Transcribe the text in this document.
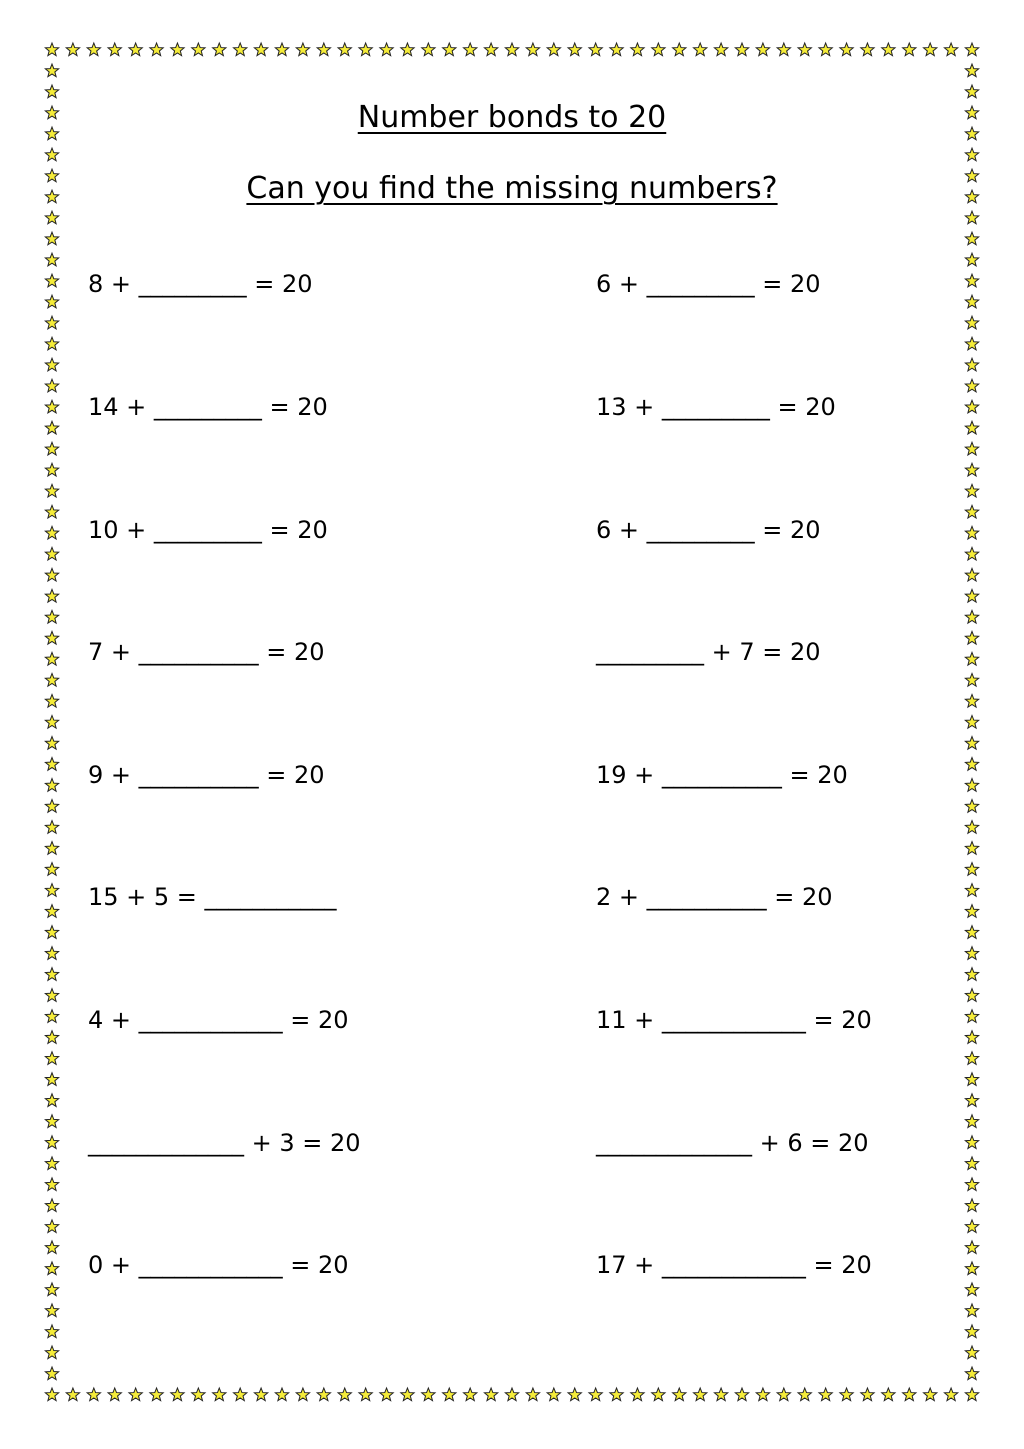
Number bonds to 20
Can you find the missing numbers?
8 + _________ = 20	6 + _________ = 20
14 + _________ = 20	13 + _________ = 20
10 + _________ = 20	6 + _________ = 20
7 + __________ = 20	_________ + 7 = 20
9 + __________ = 20	19 + __________ = 20
15 + 5 = ___________	2 + __________ = 20
4 + ____________ = 20	11 + ____________ = 20
_____________ + 3 = 20	_____________ + 6 = 20
0 + ____________ = 20	17 + ____________ = 20
